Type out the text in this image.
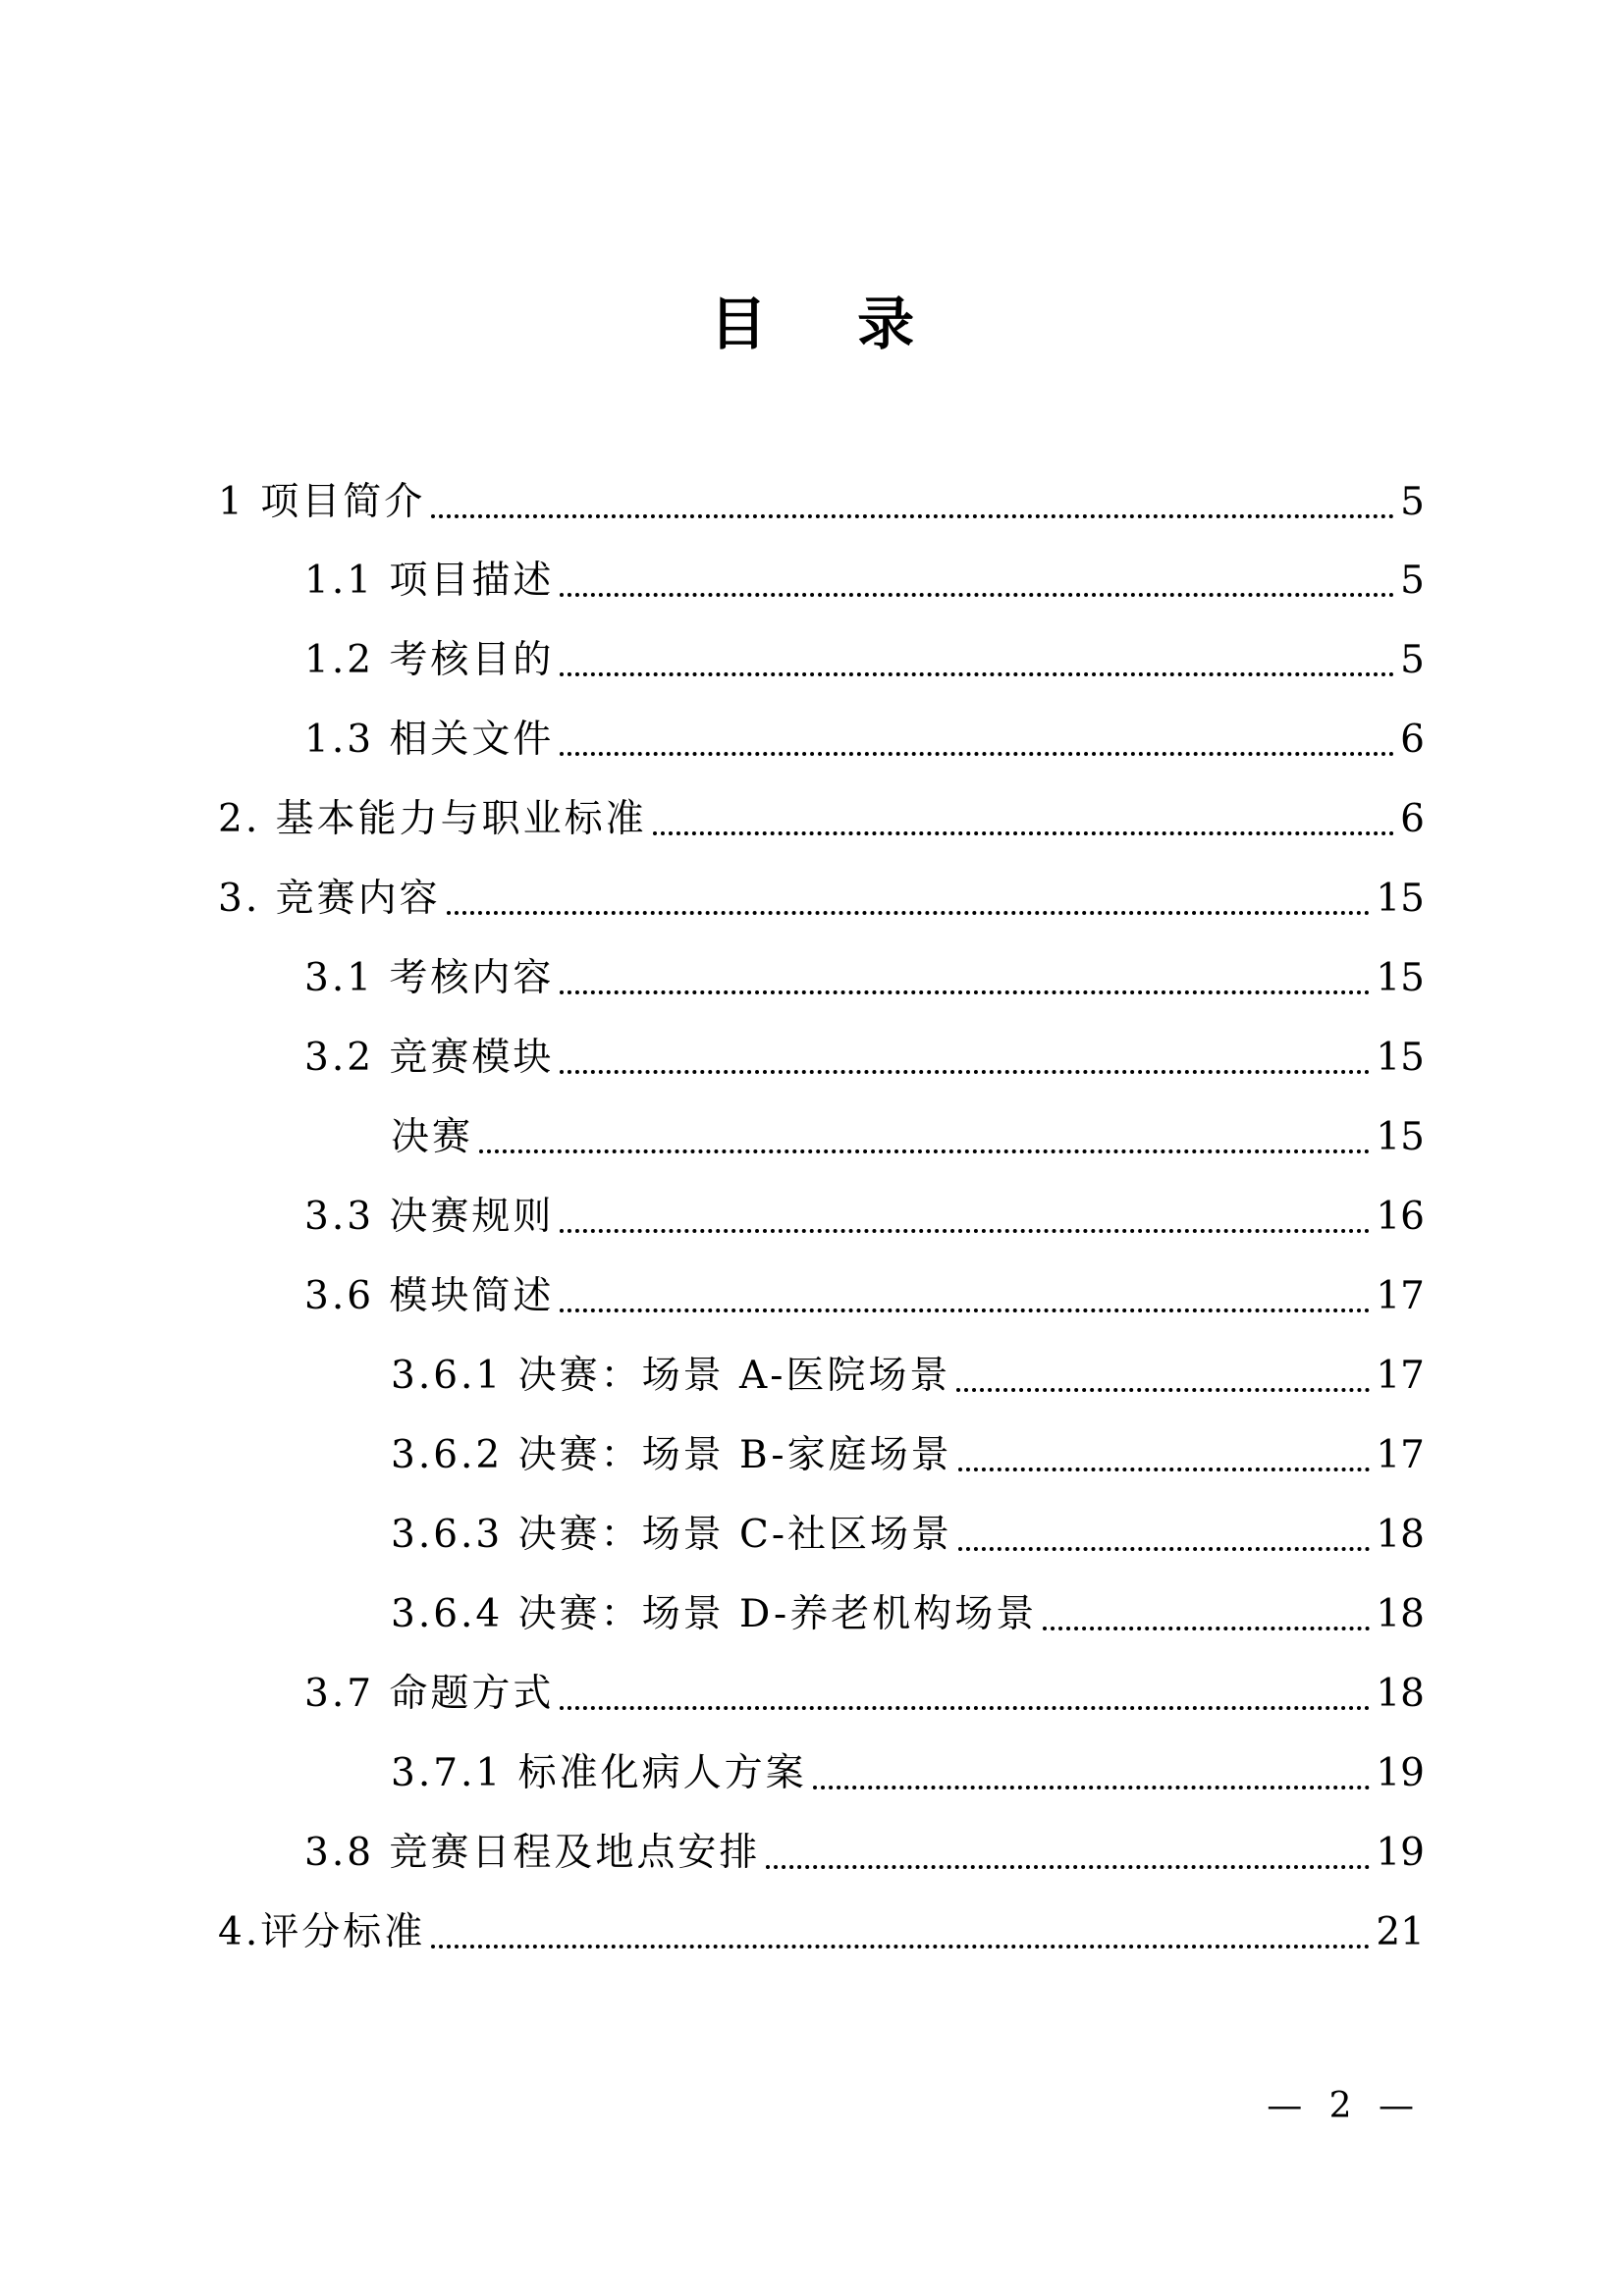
目 录
1 项目简介	5
1.1 项目描述	5
1.2 考核目的	5
1.3 相关文件	6
2. 基本能力与职业标准	6
3. 竞赛内容	15
3.1 考核内容	15
3.2 竞赛模块	15
决赛	15
3.3 决赛规则	16
3.6 模块简述	17
3.6.1 决赛：场景 A-医院场景	17
3.6.2 决赛：场景 B-家庭场景	17
3.6.3 决赛：场景 C-社区场景	18
3.6.4 决赛：场景 D-养老机构场景	18
3.7 命题方式	18
3.7.1 标准化病人方案	19
3.8 竞赛日程及地点安排	19
4.评分标准	21
— 2 —
